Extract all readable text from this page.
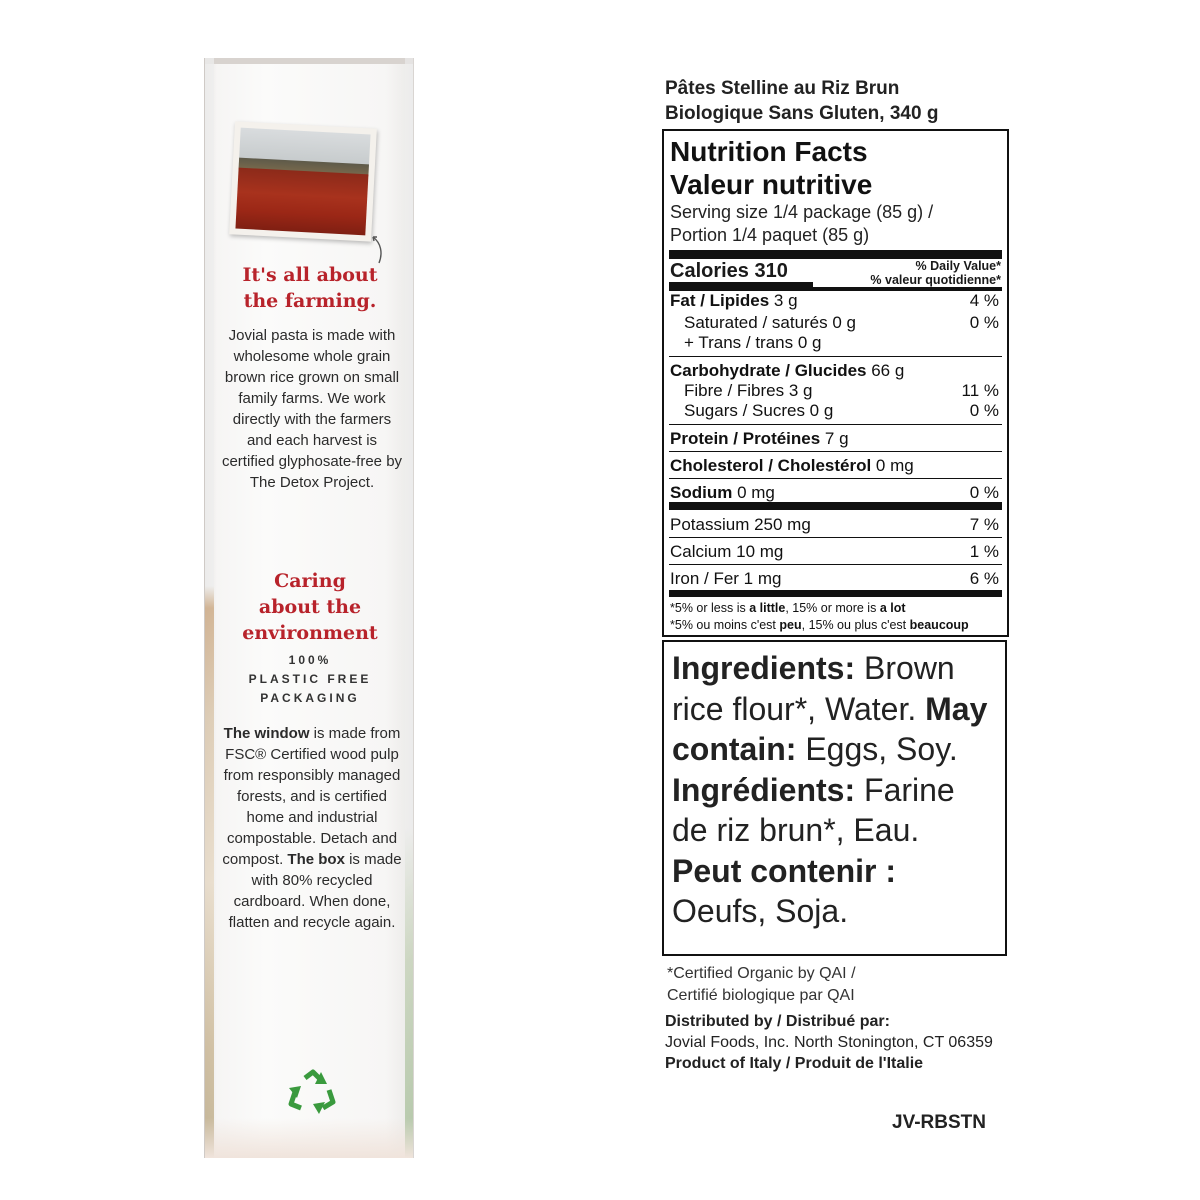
It's all about
the farming.
Jovial pasta is made with wholesome whole grain brown rice grown on small family farms. We work directly with the farmers and each harvest is certified glyphosate-free by The Detox Project.
Caring
about the
environment
100%
PLASTIC FREE
PACKAGING
The window is made from FSC® Certified wood pulp from responsibly managed forests, and is certified home and industrial compostable. Detach and compost. The box is made with 80% recycled cardboard. When done, flatten and recycle again.
Pâtes Stelline au Riz Brun
Biologique Sans Gluten, 340 g
Nutrition Facts
Valeur nutritive
Serving size 1/4 package (85 g) /
Portion 1/4 paquet (85 g)
Calories 310	% Daily Value*
% valeur quotidienne*
Fat / Lipides 3 g	4 %
Saturated / saturés 0 g	0 %
+ Trans / trans 0 g
Carbohydrate / Glucides 66 g
Fibre / Fibres 3 g	11 %
Sugars / Sucres 0 g	0 %
Protein / Protéines 7 g
Cholesterol / Cholestérol 0 mg
Sodium 0 mg	0 %
Potassium 250 mg	7 %
Calcium 10 mg	1 %
Iron / Fer 1 mg	6 %
*5% or less is a little, 15% or more is a lot
*5% ou moins c'est peu, 15% ou plus c'est beaucoup
Ingredients: Brown rice flour*, Water. May contain: Eggs, Soy. Ingrédients: Farine de riz brun*, Eau. Peut contenir : Oeufs, Soja.
*Certified Organic by QAI /
Certifié biologique par QAI
Distributed by / Distribué par:
Jovial Foods, Inc. North Stonington, CT 06359
Product of Italy / Produit de l'Italie
JV-RBSTN
